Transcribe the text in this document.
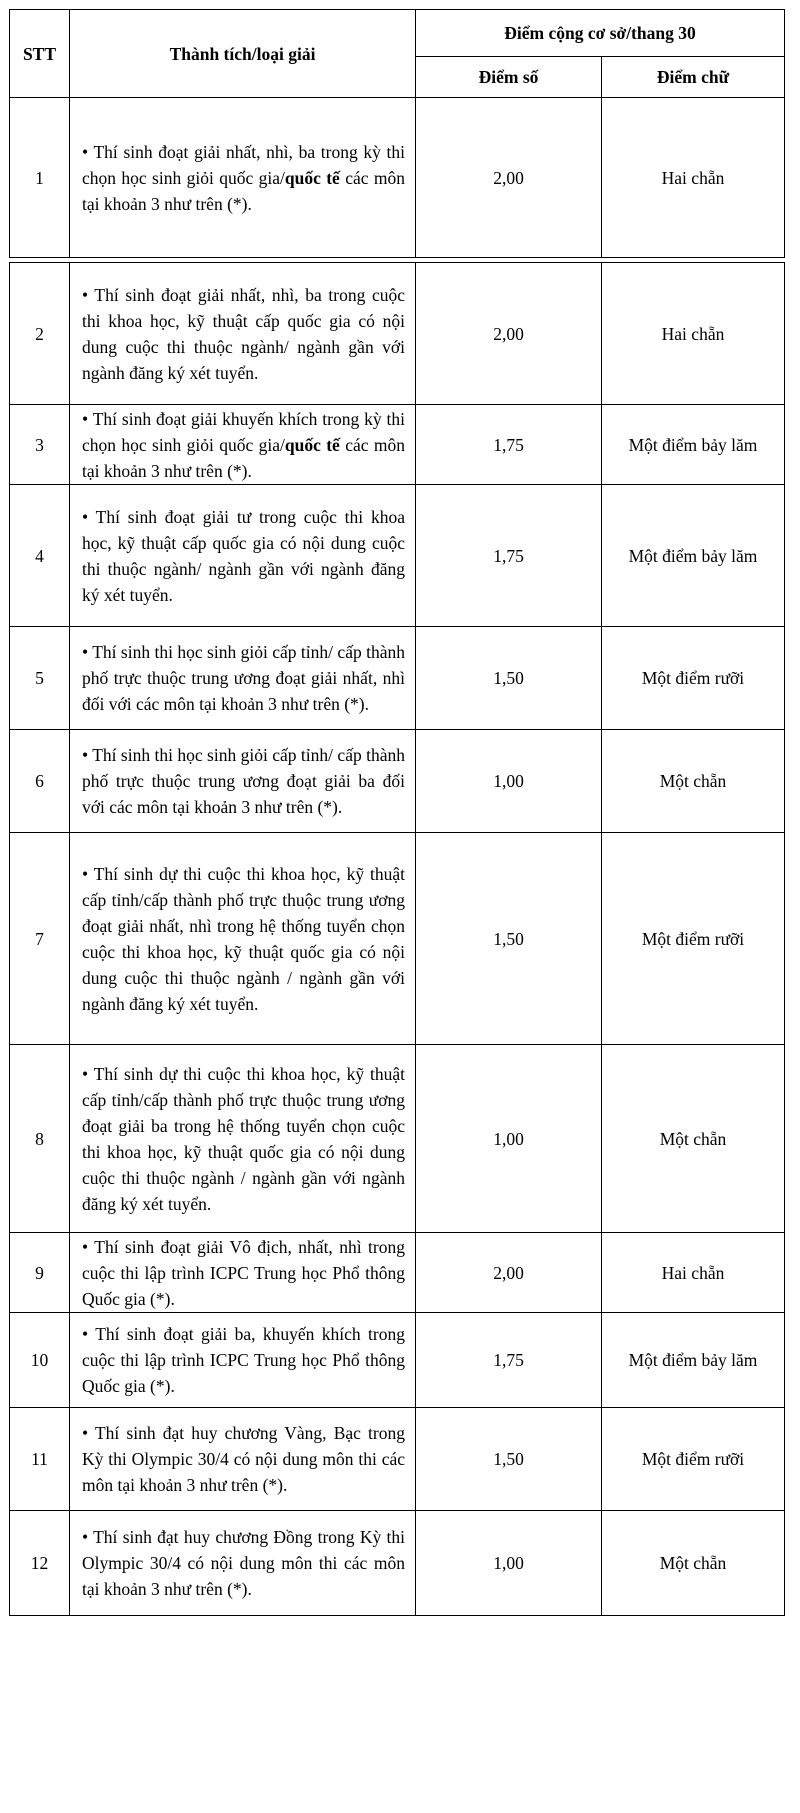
STT	Thành tích/loại giải	Điểm cộng cơ sở/thang 30	
		Điểm số	Điểm chữ
1	• Thí sinh đoạt giải nhất, nhì, ba trong kỳ thi chọn học sinh giỏi quốc gia/quốc tế các môn tại khoản 3 như trên (*).	2,00	Hai chẵn

2	• Thí sinh đoạt giải nhất, nhì, ba trong cuộc thi khoa học, kỹ thuật cấp quốc gia có nội dung cuộc thi thuộc ngành/ ngành gần với ngành đăng ký xét tuyển.	2,00	Hai chẵn
3	• Thí sinh đoạt giải khuyến khích trong kỳ thi chọn học sinh giỏi quốc gia/quốc tế các môn tại khoản 3 như trên (*).	1,75	Một điểm bảy lăm
4	• Thí sinh đoạt giải tư trong cuộc thi khoa học, kỹ thuật cấp quốc gia có nội dung cuộc thi thuộc ngành/ ngành gần với ngành đăng ký xét tuyển.	1,75	Một điểm bảy lăm
5	• Thí sinh thi học sinh giỏi cấp tỉnh/ cấp thành phố trực thuộc trung ương đoạt giải nhất, nhì đối với các môn tại khoản 3 như trên (*).	1,50	Một điểm rưỡi
6	• Thí sinh thi học sinh giỏi cấp tỉnh/ cấp thành phố trực thuộc trung ương đoạt giải ba đối với các môn tại khoản 3 như trên (*).	1,00	Một chẵn
7	• Thí sinh dự thi cuộc thi khoa học, kỹ thuật cấp tỉnh/cấp thành phố trực thuộc trung ương đoạt giải nhất, nhì trong hệ thống tuyển chọn cuộc thi khoa học, kỹ thuật quốc gia có nội dung cuộc thi thuộc ngành / ngành gần với ngành đăng ký xét tuyển.	1,50	Một điểm rưỡi
8	• Thí sinh dự thi cuộc thi khoa học, kỹ thuật cấp tỉnh/cấp thành phố trực thuộc trung ương đoạt giải ba trong hệ thống tuyển chọn cuộc thi khoa học, kỹ thuật quốc gia có nội dung cuộc thi thuộc ngành / ngành gần với ngành đăng ký xét tuyển.	1,00	Một chẵn
9	• Thí sinh đoạt giải Vô địch, nhất, nhì trong cuộc thi lập trình ICPC Trung học Phổ thông Quốc gia (*).	2,00	Hai chẵn
10	• Thí sinh đoạt giải ba, khuyến khích trong cuộc thi lập trình ICPC Trung học Phổ thông Quốc gia (*).	1,75	Một điểm bảy lăm
11	• Thí sinh đạt huy chương Vàng, Bạc trong Kỳ thi Olympic 30/4 có nội dung môn thi các môn tại khoản 3 như trên (*).	1,50	Một điểm rưỡi
12	• Thí sinh đạt huy chương Đồng trong Kỳ thi Olympic 30/4 có nội dung môn thi các môn tại khoản 3 như trên (*).	1,00	Một chẵn
